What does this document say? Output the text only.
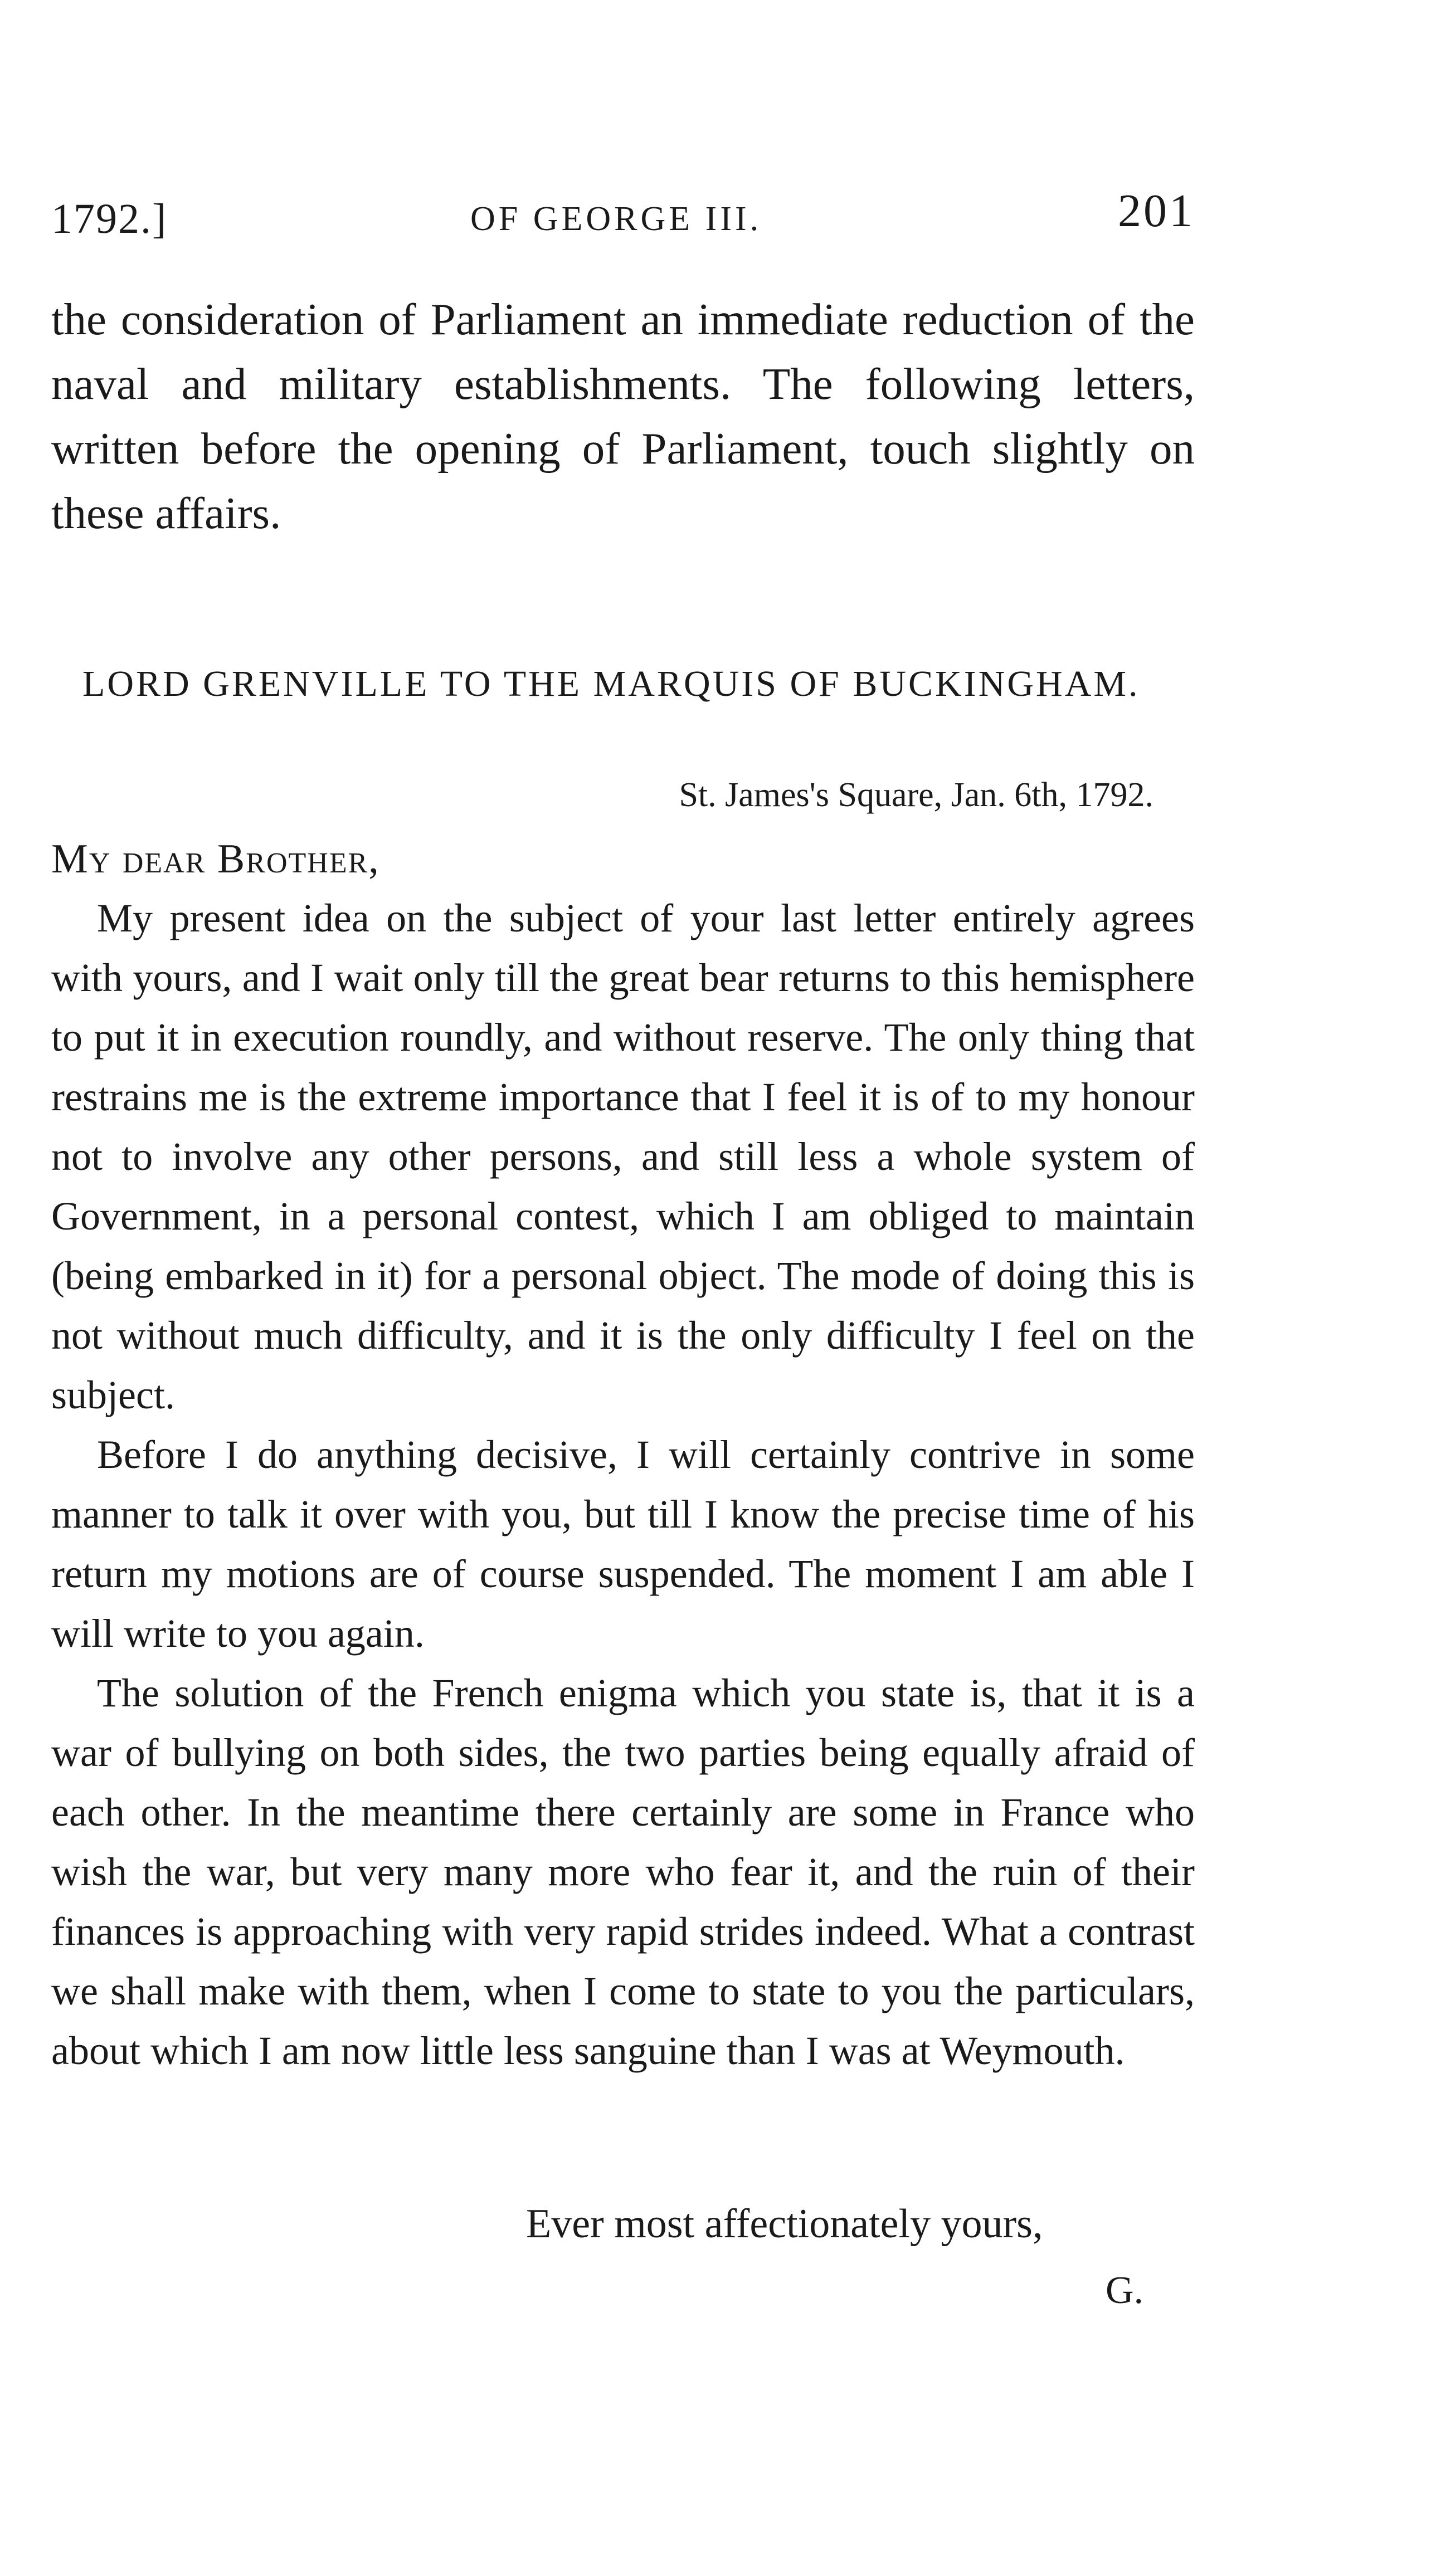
1792.]	OF GEORGE III.	201

the consideration of Parliament an immediate reduction of the naval and military establishments. The following letters, written before the opening of Parliament, touch slightly on these affairs.

LORD GRENVILLE TO THE MARQUIS OF BUCKINGHAM.
St. James's Square, Jan. 6th, 1792.
My dear Brother,

My present idea on the subject of your last letter entirely agrees with yours, and I wait only till the great bear returns to this hemisphere to put it in execution roundly, and without reserve. The only thing that restrains me is the extreme importance that I feel it is of to my honour not to involve any other persons, and still less a whole system of Government, in a personal contest, which I am obliged to maintain (being embarked in it) for a personal object. The mode of doing this is not without much difficulty, and it is the only difficulty I feel on the subject.

Before I do anything decisive, I will certainly contrive in some manner to talk it over with you, but till I know the precise time of his return my motions are of course suspended. The moment I am able I will write to you again.

The solution of the French enigma which you state is, that it is a war of bullying on both sides, the two parties being equally afraid of each other. In the meantime there certainly are some in France who wish the war, but very many more who fear it, and the ruin of their finances is approaching with very rapid strides indeed. What a contrast we shall make with them, when I come to state to you the particulars, about which I am now little less sanguine than I was at Weymouth.

Ever most affectionately yours,
G.
